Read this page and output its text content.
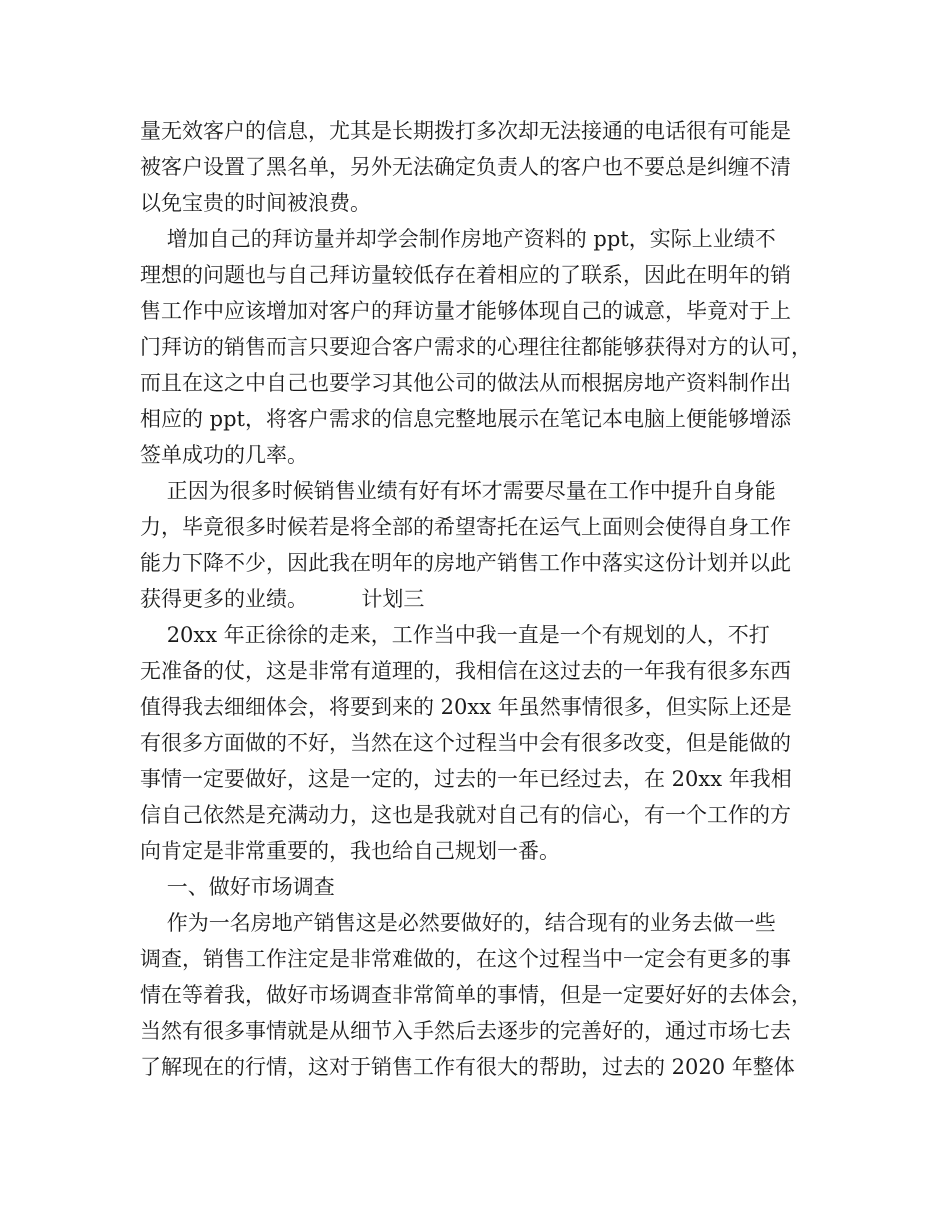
量无效客户的信息，尤其是长期拨打多次却无法接通的电话很有可能是
被客户设置了黑名单，另外无法确定负责人的客户也不要总是纠缠不清
以免宝贵的时间被浪费。
增加自己的拜访量并却学会制作房地产资料的 ppt，实际上业绩不
理想的问题也与自己拜访量较低存在着相应的了联系，因此在明年的销
售工作中应该增加对客户的拜访量才能够体现自己的诚意，毕竟对于上
门拜访的销售而言只要迎合客户需求的心理往往都能够获得对方的认可，
而且在这之中自己也要学习其他公司的做法从而根据房地产资料制作出
相应的 ppt，将客户需求的信息完整地展示在笔记本电脑上便能够增添
签单成功的几率。
正因为很多时候销售业绩有好有坏才需要尽量在工作中提升自身能
力，毕竟很多时候若是将全部的希望寄托在运气上面则会使得自身工作
能力下降不少，因此我在明年的房地产销售工作中落实这份计划并以此
获得更多的业绩。        计划三
20xx 年正徐徐的走来，工作当中我一直是一个有规划的人，不打
无准备的仗，这是非常有道理的，我相信在这过去的一年我有很多东西
值得我去细细体会，将要到来的 20xx 年虽然事情很多，但实际上还是
有很多方面做的不好，当然在这个过程当中会有很多改变，但是能做的
事情一定要做好，这是一定的，过去的一年已经过去，在 20xx 年我相
信自己依然是充满动力，这也是我就对自己有的信心，有一个工作的方
向肯定是非常重要的，我也给自己规划一番。
一、做好市场调查
作为一名房地产销售这是必然要做好的，结合现有的业务去做一些
调查，销售工作注定是非常难做的，在这个过程当中一定会有更多的事
情在等着我，做好市场调查非常简单的事情，但是一定要好好的去体会，
当然有很多事情就是从细节入手然后去逐步的完善好的，通过市场七去
了解现在的行情，这对于销售工作有很大的帮助，过去的 2020 年整体
